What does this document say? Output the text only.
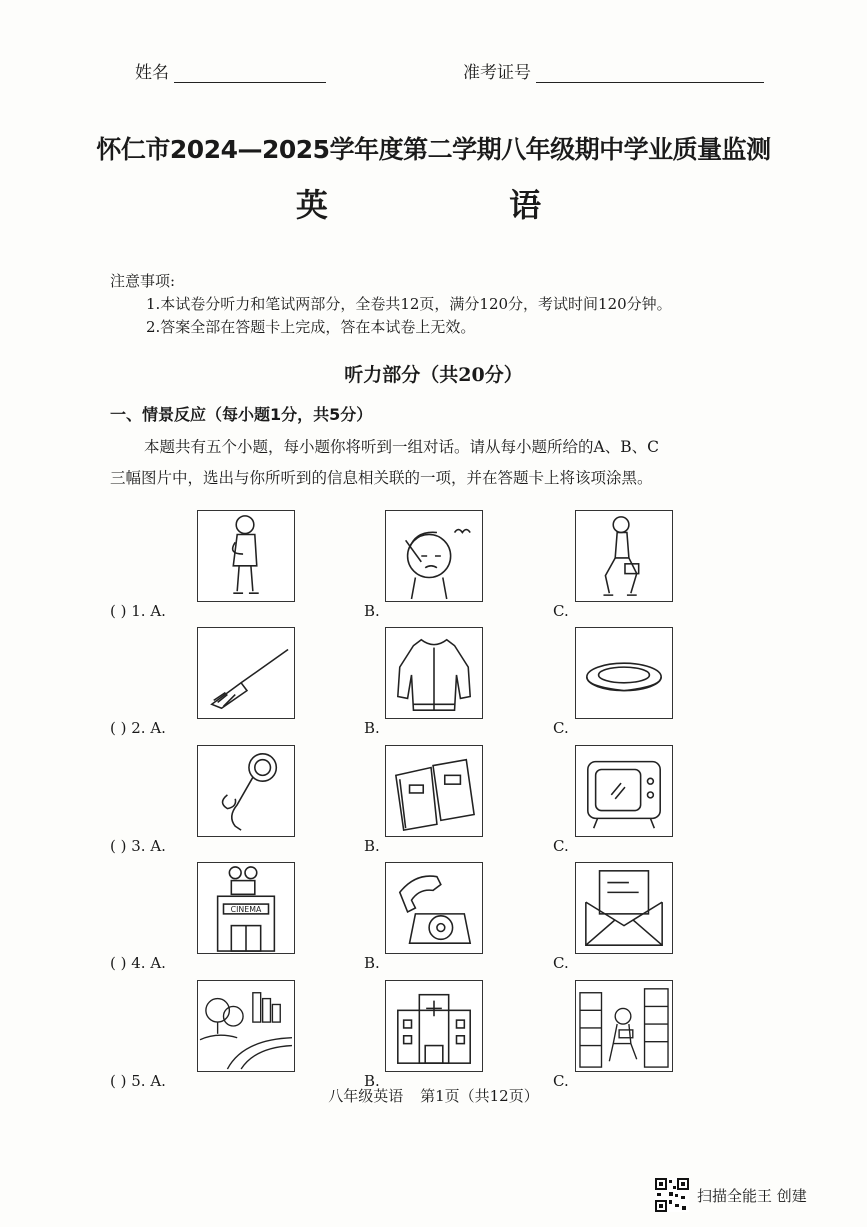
姓名	准考证号
怀仁市2024—2025学年度第二学期八年级期中学业质量监测
英 语
注意事项:
1.本试卷分听力和笔试两部分，全卷共12页，满分120分，考试时间120分钟。
2.答案全部在答题卡上完成，答在本试卷上无效。
听力部分（共20分）
一、情景反应（每小题1分，共5分）
本题共有五个小题，每小题你将听到一组对话。请从每小题所给的A、B、C
三幅图片中，选出与你所听到的信息相关联的一项，并在答题卡上将该项涂黑。
( ) 1. A.	B.	C.
( ) 2. A.	B.	C.
( ) 3. A.	B.	C.
( ) 4. A.
CINEMA
B.	C.
( ) 5. A.	B.	C.
八年级英语 第1页（共12页）
扫描全能王 创建
